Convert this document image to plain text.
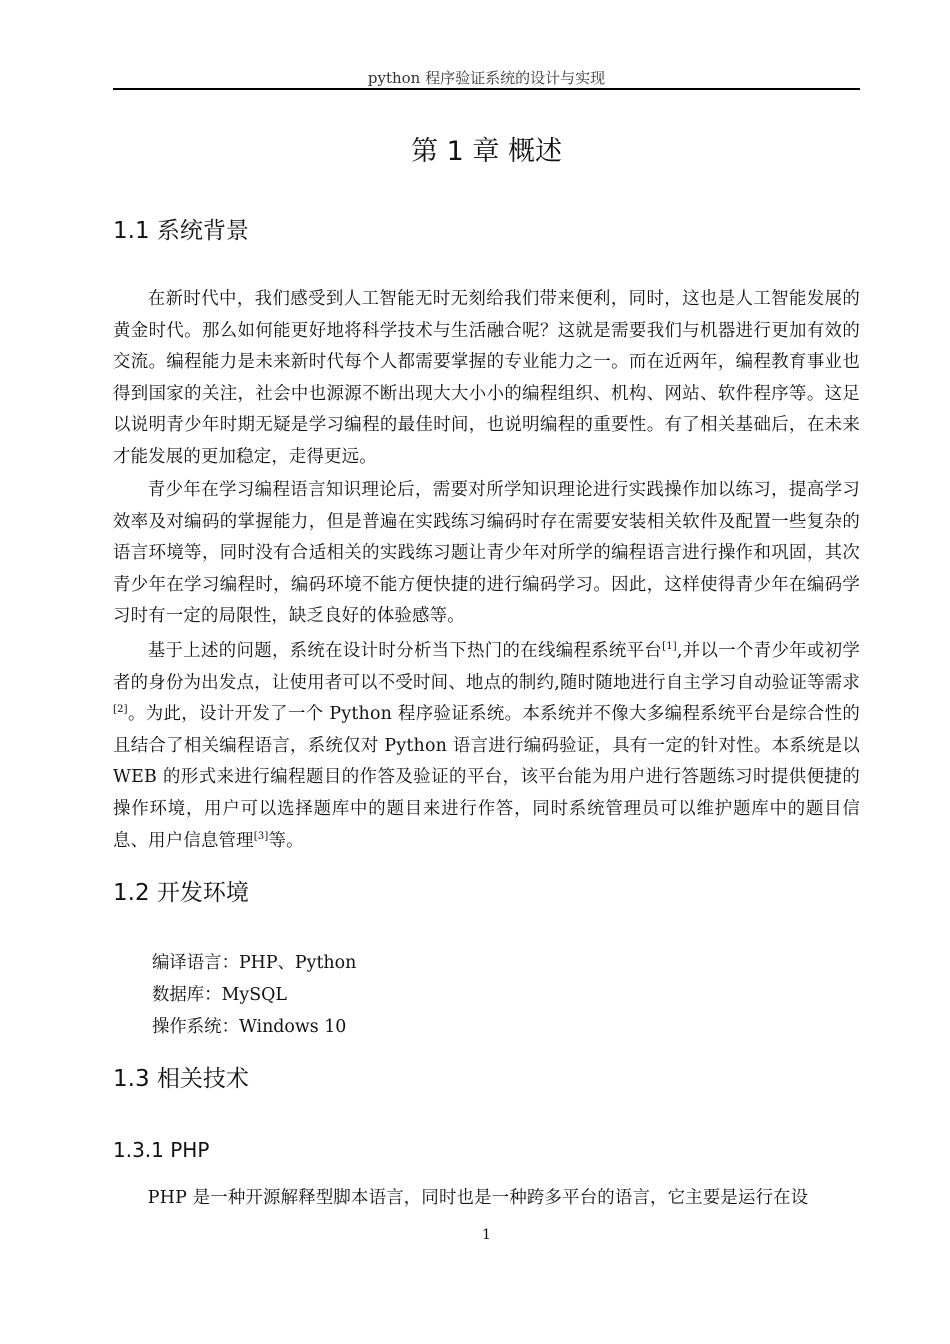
python 程序验证系统的设计与实现
第 1 章 概述
1.1 系统背景

在新时代中，我们感受到人工智能无时无刻给我们带来便利，同时，这也是人工智能发展的黄金时代。那么如何能更好地将科学技术与生活融合呢？这就是需要我们与机器进行更加有效的交流。编程能力是未来新时代每个人都需要掌握的专业能力之一。而在近两年，编程教育事业也得到国家的关注，社会中也源源不断出现大大小小的编程组织、机构、网站、软件程序等。这足以说明青少年时期无疑是学习编程的最佳时间，也说明编程的重要性。有了相关基础后，在未来才能发展的更加稳定，走得更远。

青少年在学习编程语言知识理论后，需要对所学知识理论进行实践操作加以练习，提高学习效率及对编码的掌握能力，但是普遍在实践练习编码时存在需要安装相关软件及配置一些复杂的语言环境等，同时没有合适相关的实践练习题让青少年对所学的编程语言进行操作和巩固，其次青少年在学习编程时，编码环境不能方便快捷的进行编码学习。因此，这样使得青少年在编码学习时有一定的局限性，缺乏良好的体验感等。

基于上述的问题，系统在设计时分析当下热门的在线编程系统平台[1],并以一个青少年或初学者的身份为出发点，让使用者可以不受时间、地点的制约,随时随地进行自主学习自动验证等需求[2]。为此，设计开发了一个 Python 程序验证系统。本系统并不像大多编程系统平台是综合性的且结合了相关编程语言，系统仅对 Python 语言进行编码验证，具有一定的针对性。本系统是以 WEB 的形式来进行编程题目的作答及验证的平台，该平台能为用户进行答题练习时提供便捷的操作环境，用户可以选择题库中的题目来进行作答，同时系统管理员可以维护题库中的题目信息、用户信息管理[3]等。

1.2 开发环境

编译语言：PHP、Python

数据库：MySQL

操作系统：Windows 10

1.3 相关技术
1.3.1 PHP

PHP 是一种开源解释型脚本语言，同时也是一种跨多平台的语言，它主要是运行在设

1
